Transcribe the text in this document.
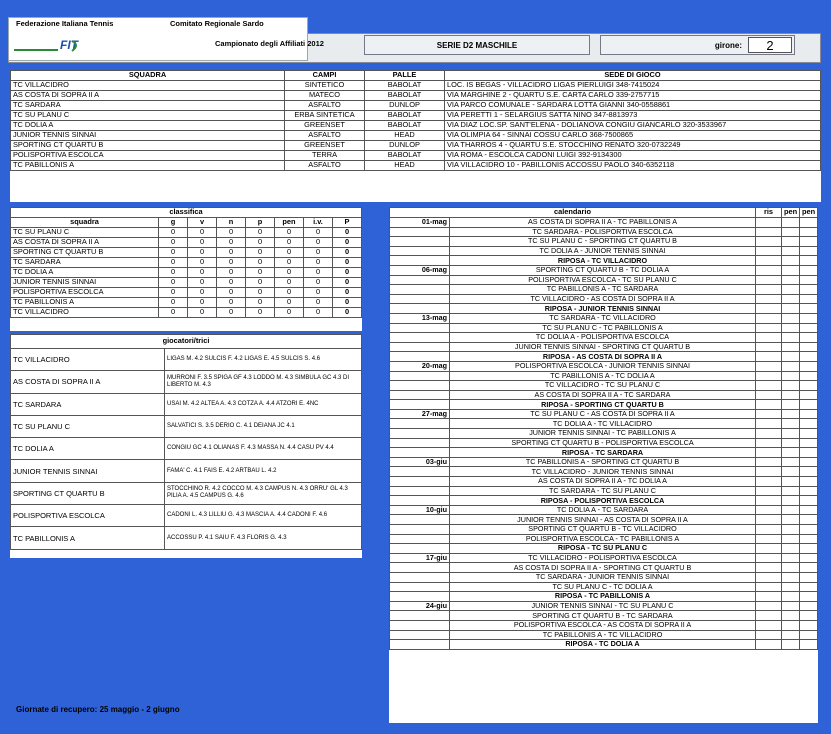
Federazione Italiana Tennis	Comitato Regionale Sardo
FIT	Campionato degli Affiliati 2012	SERIE D2 MASCHILE	girone:	2
SQUADRA	CAMPI	PALLE	SEDE DI GIOCO
TC VILLACIDRO	SINTETICO	BABOLAT	LOC. IS BEGAS - VILLACIDRO LIGAS PIERLUIGI 348-7415024
AS COSTA DI SOPRA II A	MATECO	BABOLAT	VIA MARGHINE 2 - QUARTU S.E. CARTA CARLO 339-2757715
TC SARDARA	ASFALTO	DUNLOP	VIA PARCO COMUNALE - SARDARA LOTTA GIANNI 340-0558861
TC SU PLANU C	ERBA SINTETICA	BABOLAT	VIA PERETTI 1 - SELARGIUS SATTA NINO 347-8813973
TC DOLIA A	GREENSET	BABOLAT	VIA DIAZ LOC.SP. SANT'ELENA - DOLIANOVA CONGIU GIANCARLO 320-3533967
JUNIOR TENNIS SINNAI	ASFALTO	HEAD	VIA OLIMPIA 64 - SINNAI COSSU CARLO 368-7500865
SPORTING CT QUARTU B	GREENSET	DUNLOP	VIA THARROS 4 - QUARTU S.E. STOCCHINO RENATO 320-0732249
POLISPORTIVA ESCOLCA	TERRA	BABOLAT	VIA ROMA - ESCOLCA CADONI LUIGI 392-9134300
TC PABILLONIS A	ASFALTO	HEAD	VIA VILLACIDRO 10 - PABILLONIS ACCOSSU PAOLO 340-6352118
classifica							
squadra	g	v	n	p	pen	i.v.	P
TC SU PLANU C	0	0	0	0	0	0	0
AS COSTA DI SOPRA II A	0	0	0	0	0	0	0
SPORTING CT QUARTU B	0	0	0	0	0	0	0
TC SARDARA	0	0	0	0	0	0	0
TC DOLIA A	0	0	0	0	0	0	0
JUNIOR TENNIS SINNAI	0	0	0	0	0	0	0
POLISPORTIVA ESCOLCA	0	0	0	0	0	0	0
TC PABILLONIS A	0	0	0	0	0	0	0
TC VILLACIDRO	0	0	0	0	0	0	0
giocatori/trici	
TC VILLACIDRO	LIGAS M. 4.2 SULCIS F. 4.2 LIGAS E. 4.5 SULCIS S. 4.6
AS COSTA DI SOPRA II A	MURRONI F. 3.5 SPIGA GF 4.3 LODDO M. 4.3 SIMBULA GC 4.3 DI LIBERTO M. 4.3
TC SARDARA	USAI M. 4.2 ALTEA A. 4.3 COTZA A. 4.4 ATZORI E. 4NC
TC SU PLANU C	SALVATICI S. 3.5 DERIO C. 4.1 DEIANA JC 4.1
TC DOLIA A	CONGIU GC 4.1 OLIANAS F. 4.3 MASSA N. 4.4 CASU PV 4.4
JUNIOR TENNIS SINNAI	FAMA' C. 4.1 FAIS E. 4.2 ARTBAU L. 4.2
SPORTING CT QUARTU B	STOCCHINO R. 4.2 COCCO M. 4.3 CAMPUS N. 4.3 ORRU' GL 4.3 PILIA A. 4.5 CAMPUS G. 4.6
POLISPORTIVA ESCOLCA	CADONI L. 4.3 LILLIU G. 4.3 MASCIA A. 4.4 CADONI F. 4.6
TC PABILLONIS A	ACCOSSU P. 4.1 SAIU F. 4.3 FLORIS G. 4.3
calendario		ris	pen	pen
01-mag	AS COSTA DI SOPRA II A - TC PABILLONIS A			
	TC SARDARA - POLISPORTIVA ESCOLCA			
	TC SU PLANU C - SPORTING CT QUARTU B			
	TC DOLIA A - JUNIOR TENNIS SINNAI			
	RIPOSA - TC VILLACIDRO			
06-mag	SPORTING CT QUARTU B - TC DOLIA A			
	POLISPORTIVA ESCOLCA - TC SU PLANU C			
	TC PABILLONIS A - TC SARDARA			
	TC VILLACIDRO - AS COSTA DI SOPRA II A			
	RIPOSA - JUNIOR TENNIS SINNAI			
13-mag	TC SARDARA - TC VILLACIDRO			
	TC SU PLANU C - TC PABILLONIS A			
	TC DOLIA A - POLISPORTIVA ESCOLCA			
	JUNIOR TENNIS SINNAI - SPORTING CT QUARTU B			
	RIPOSA - AS COSTA DI SOPRA II A			
20-mag	POLISPORTIVA ESCOLCA - JUNIOR TENNIS SINNAI			
	TC PABILLONIS A - TC DOLIA A			
	TC VILLACIDRO - TC SU PLANU C			
	AS COSTA DI SOPRA II A - TC SARDARA			
	RIPOSA - SPORTING CT QUARTU B			
27-mag	TC SU PLANU C - AS COSTA DI SOPRA II A			
	TC DOLIA A - TC VILLACIDRO			
	JUNIOR TENNIS SINNAI - TC PABILLONIS A			
	SPORTING CT QUARTU B - POLISPORTIVA ESCOLCA			
	RIPOSA - TC SARDARA			
03-giu	TC PABILLONIS A - SPORTING CT QUARTU B			
	TC VILLACIDRO - JUNIOR TENNIS SINNAI			
	AS COSTA DI SOPRA II A - TC DOLIA A			
	TC SARDARA - TC SU PLANU C			
	RIPOSA - POLISPORTIVA ESCOLCA			
10-giu	TC DOLIA A - TC SARDARA			
	JUNIOR TENNIS SINNAI - AS COSTA DI SOPRA II A			
	SPORTING CT QUARTU B - TC VILLACIDRO			
	POLISPORTIVA ESCOLCA - TC PABILLONIS A			
	RIPOSA - TC SU PLANU C			
17-giu	TC VILLACIDRO - POLISPORTIVA ESCOLCA			
	AS COSTA DI SOPRA II A - SPORTING CT QUARTU B			
	TC SARDARA - JUNIOR TENNIS SINNAI			
	TC SU PLANU C - TC DOLIA A			
	RIPOSA - TC PABILLONIS A			
24-giu	JUNIOR TENNIS SINNAI - TC SU PLANU C			
	SPORTING CT QUARTU B - TC SARDARA			
	POLISPORTIVA ESCOLCA - AS COSTA DI SOPRA II A			
	TC PABILLONIS A - TC VILLACIDRO			
	RIPOSA - TC DOLIA A			
Giornate di recupero: 25 maggio - 2 giugno
